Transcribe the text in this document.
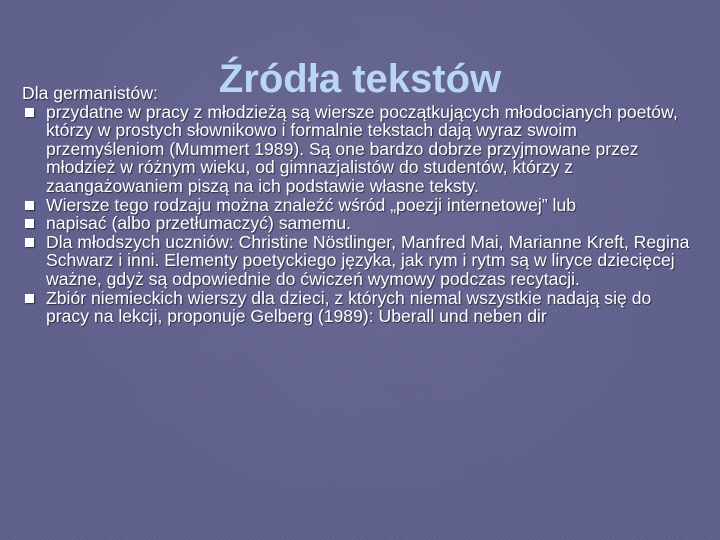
Źródła tekstów

Dla germanistów:

przydatne w pracy z młodzieżą są wiersze początkujących młodocianych poetów, którzy w prostych słownikowo i formalnie tekstach dają wyraz swoim przemyśleniom (Mummert 1989). Są one bardzo dobrze przyjmowane przez młodzież w różnym wieku, od gimnazjalistów do studentów, którzy z zaangażowaniem piszą na ich podstawie własne teksty.
Wiersze tego rodzaju można znaleźć wśród „poezji internetowej” lub
napisać (albo przetłumaczyć) samemu.
Dla młodszych uczniów: Christine Nöstlinger, Manfred Mai, Marianne Kreft, Regina Schwarz i inni. Elementy poetyckiego języka, jak rym i rytm są w liryce dziecięcej ważne, gdyż są odpowiednie do ćwiczeń wymowy podczas recytacji.
Zbiór niemieckich wierszy dla dzieci, z których niemal wszystkie nadają się do pracy na lekcji, proponuje Gelberg (1989): Uberall und neben dir
